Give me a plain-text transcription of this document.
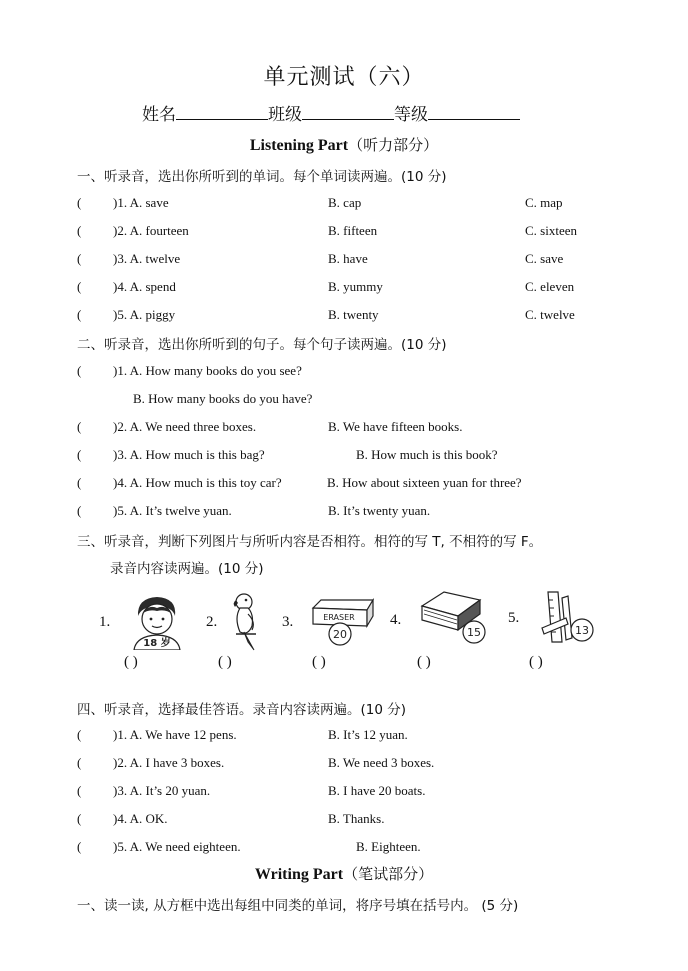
单元测试（六）
姓名	班级	等级
Listening Part（听力部分）
一、听录音，选出你所听到的单词。每个单词读两遍。(10 分)
( )1. A. save	B. cap	C. map
( )2. A. fourteen	B. fifteen	C. sixteen
( )3. A. twelve	B. have	C. save
( )4. A. spend	B. yummy	C. eleven
( )5. A. piggy	B. twenty	C. twelve
二、听录音，选出你所听到的句子。每个句子读两遍。(10 分)
( )1. A. How many books do you see?
B. How many books do you have?
( )2. A. We need three boxes.	B. We have fifteen books.
( )3. A. How much is this bag?	B. How much is this book?
( )4. A. How much is this toy car?	B. How about sixteen yuan for three?
( )5. A. It’s twelve yuan.	B. It’s twenty yuan.
三、听录音，判断下列图片与所听内容是否相符。相符的写 T, 不相符的写 F。
录音内容读两遍。(10 分)
1.
18 岁
2.	3.	ERASER
20
4.
15
5.
13
( )	( )	( )	( )	( )
四、听录音，选择最佳答语。录音内容读两遍。(10 分)
( )1. A. We have 12 pens.	B. It’s 12 yuan.
( )2. A. I have 3 boxes.	B. We need 3 boxes.
( )3. A. It’s 20 yuan.	B. I have 20 boats.
( )4. A. OK.	B. Thanks.
( )5. A. We need eighteen.	B. Eighteen.
Writing Part（笔试部分）
一、读一读, 从方框中选出每组中同类的单词，将序号填在括号内。 (5 分)
